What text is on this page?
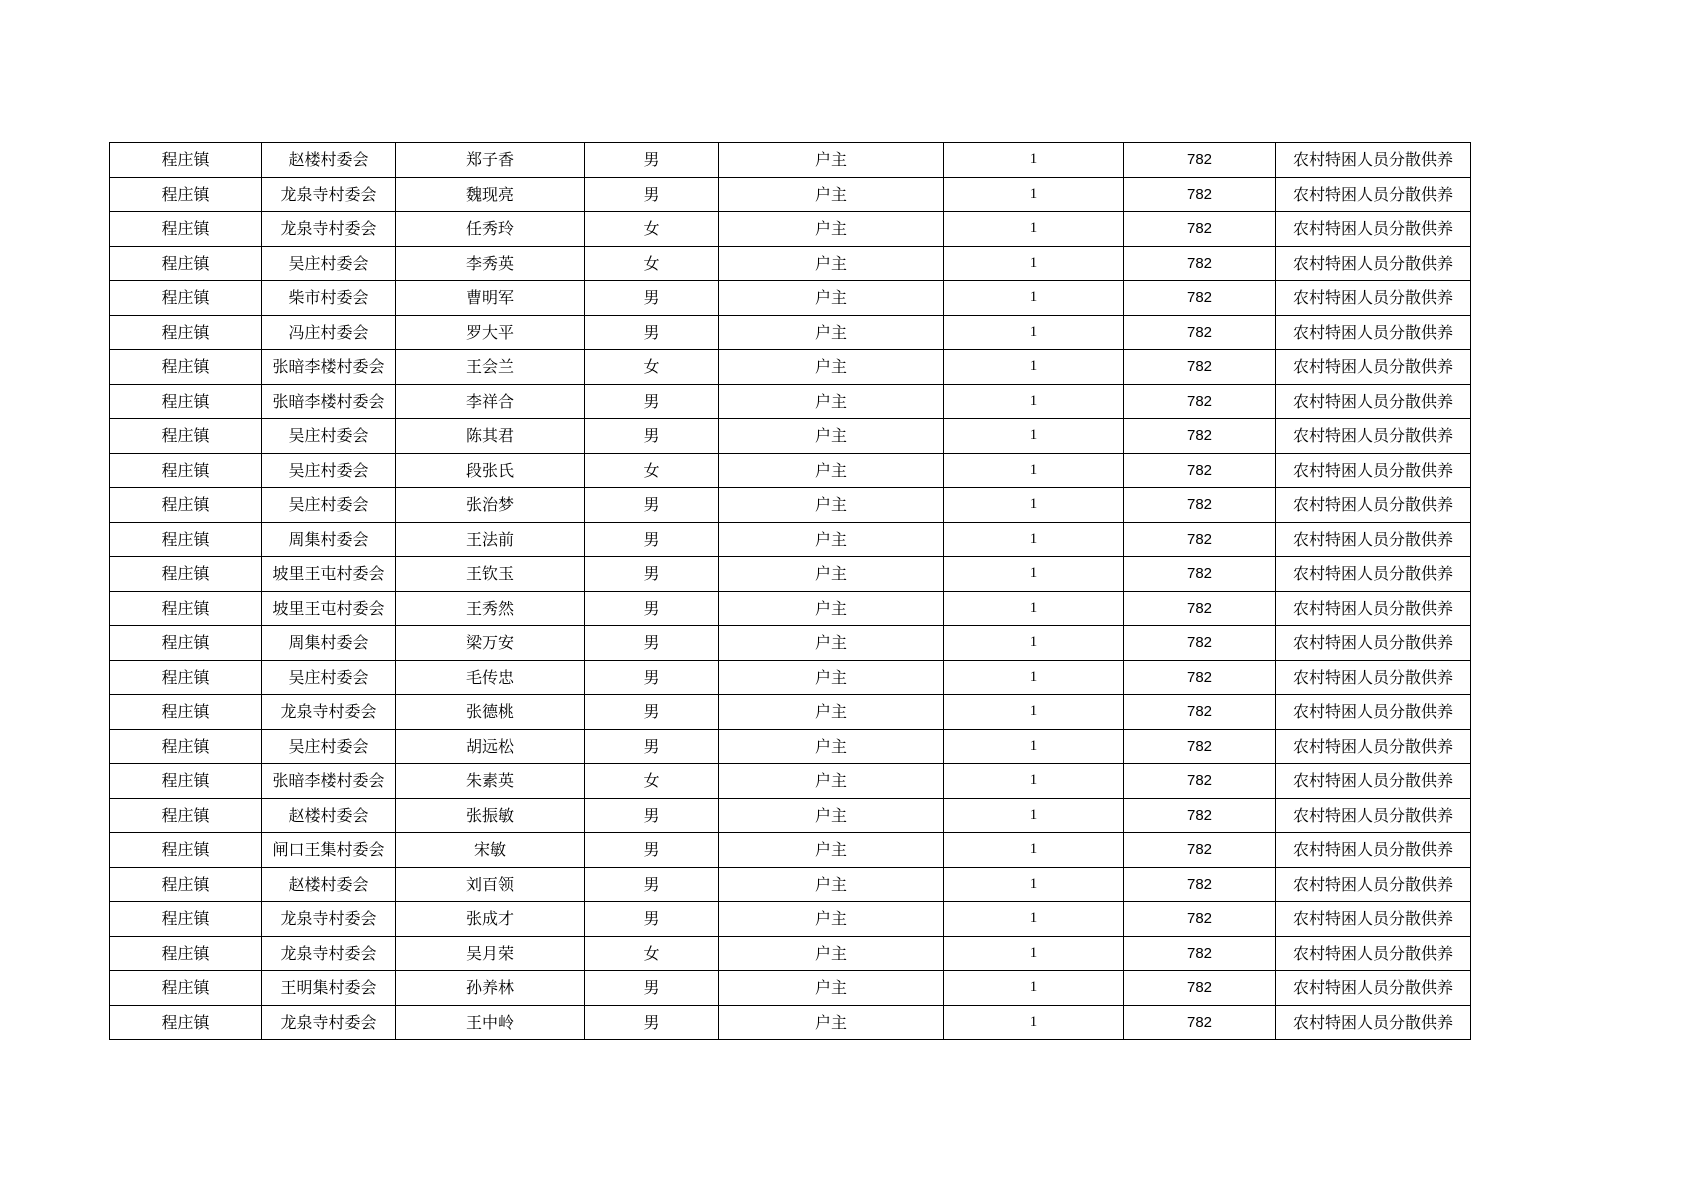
程庄镇	赵楼村委会	郑子香	男	户主	1	782	农村特困人员分散供养
程庄镇	龙泉寺村委会	魏现亮	男	户主	1	782	农村特困人员分散供养
程庄镇	龙泉寺村委会	任秀玲	女	户主	1	782	农村特困人员分散供养
程庄镇	吴庄村委会	李秀英	女	户主	1	782	农村特困人员分散供养
程庄镇	柴市村委会	曹明军	男	户主	1	782	农村特困人员分散供养
程庄镇	冯庄村委会	罗大平	男	户主	1	782	农村特困人员分散供养
程庄镇	张暗李楼村委会	王会兰	女	户主	1	782	农村特困人员分散供养
程庄镇	张暗李楼村委会	李祥合	男	户主	1	782	农村特困人员分散供养
程庄镇	吴庄村委会	陈其君	男	户主	1	782	农村特困人员分散供养
程庄镇	吴庄村委会	段张氏	女	户主	1	782	农村特困人员分散供养
程庄镇	吴庄村委会	张治梦	男	户主	1	782	农村特困人员分散供养
程庄镇	周集村委会	王法前	男	户主	1	782	农村特困人员分散供养
程庄镇	坡里王屯村委会	王钦玉	男	户主	1	782	农村特困人员分散供养
程庄镇	坡里王屯村委会	王秀然	男	户主	1	782	农村特困人员分散供养
程庄镇	周集村委会	梁万安	男	户主	1	782	农村特困人员分散供养
程庄镇	吴庄村委会	毛传忠	男	户主	1	782	农村特困人员分散供养
程庄镇	龙泉寺村委会	张德桃	男	户主	1	782	农村特困人员分散供养
程庄镇	吴庄村委会	胡远松	男	户主	1	782	农村特困人员分散供养
程庄镇	张暗李楼村委会	朱素英	女	户主	1	782	农村特困人员分散供养
程庄镇	赵楼村委会	张振敏	男	户主	1	782	农村特困人员分散供养
程庄镇	闸口王集村委会	宋敏	男	户主	1	782	农村特困人员分散供养
程庄镇	赵楼村委会	刘百领	男	户主	1	782	农村特困人员分散供养
程庄镇	龙泉寺村委会	张成才	男	户主	1	782	农村特困人员分散供养
程庄镇	龙泉寺村委会	吴月荣	女	户主	1	782	农村特困人员分散供养
程庄镇	王明集村委会	孙养林	男	户主	1	782	农村特困人员分散供养
程庄镇	龙泉寺村委会	王中岭	男	户主	1	782	农村特困人员分散供养
